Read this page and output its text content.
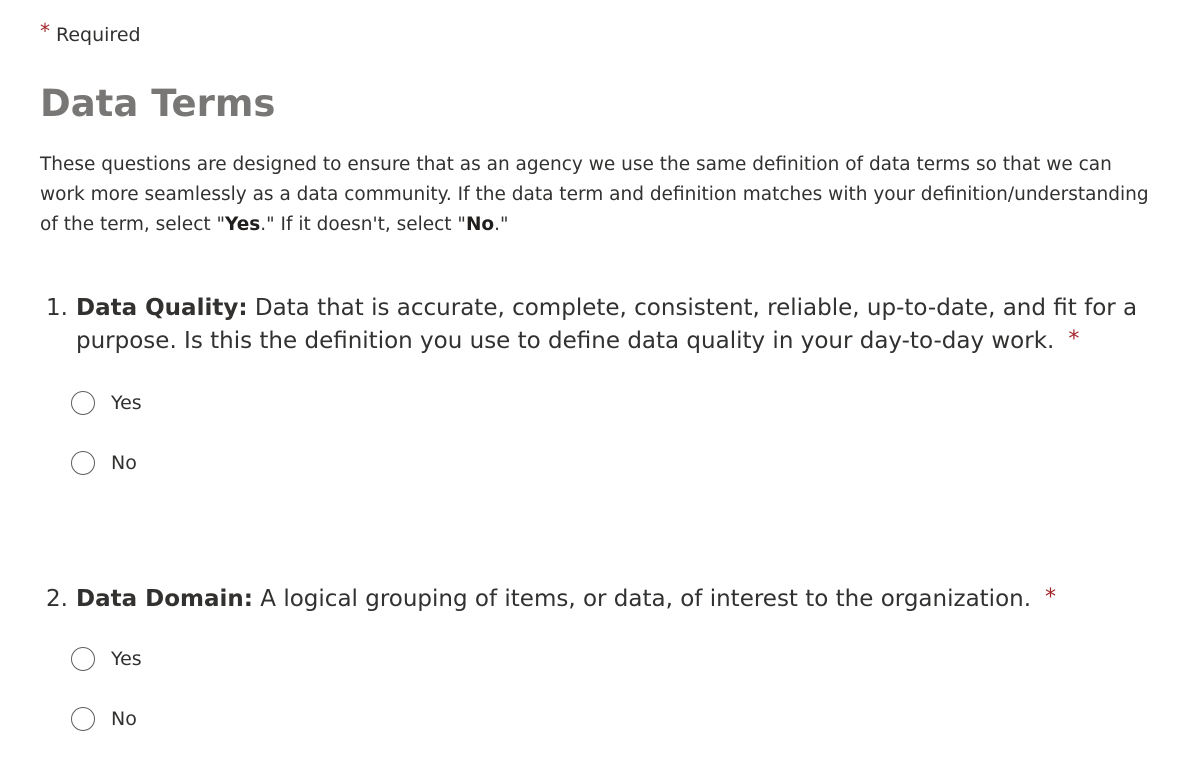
* Required
Data Terms

These questions are designed to ensure that as an agency we use the same definition of data terms so that we can work more seamlessly as a data community. If the data term and definition matches with your definition/understanding of the term, select "Yes." If it doesn't, select "No."

1. Data Quality: Data that is accurate, complete, consistent, reliable, up-to-date, and fit for a purpose. Is this the definition you use to define data quality in your day-to-day work. *
Yes
No
2. Data Domain: A logical grouping of items, or data, of interest to the organization. *
Yes
No
